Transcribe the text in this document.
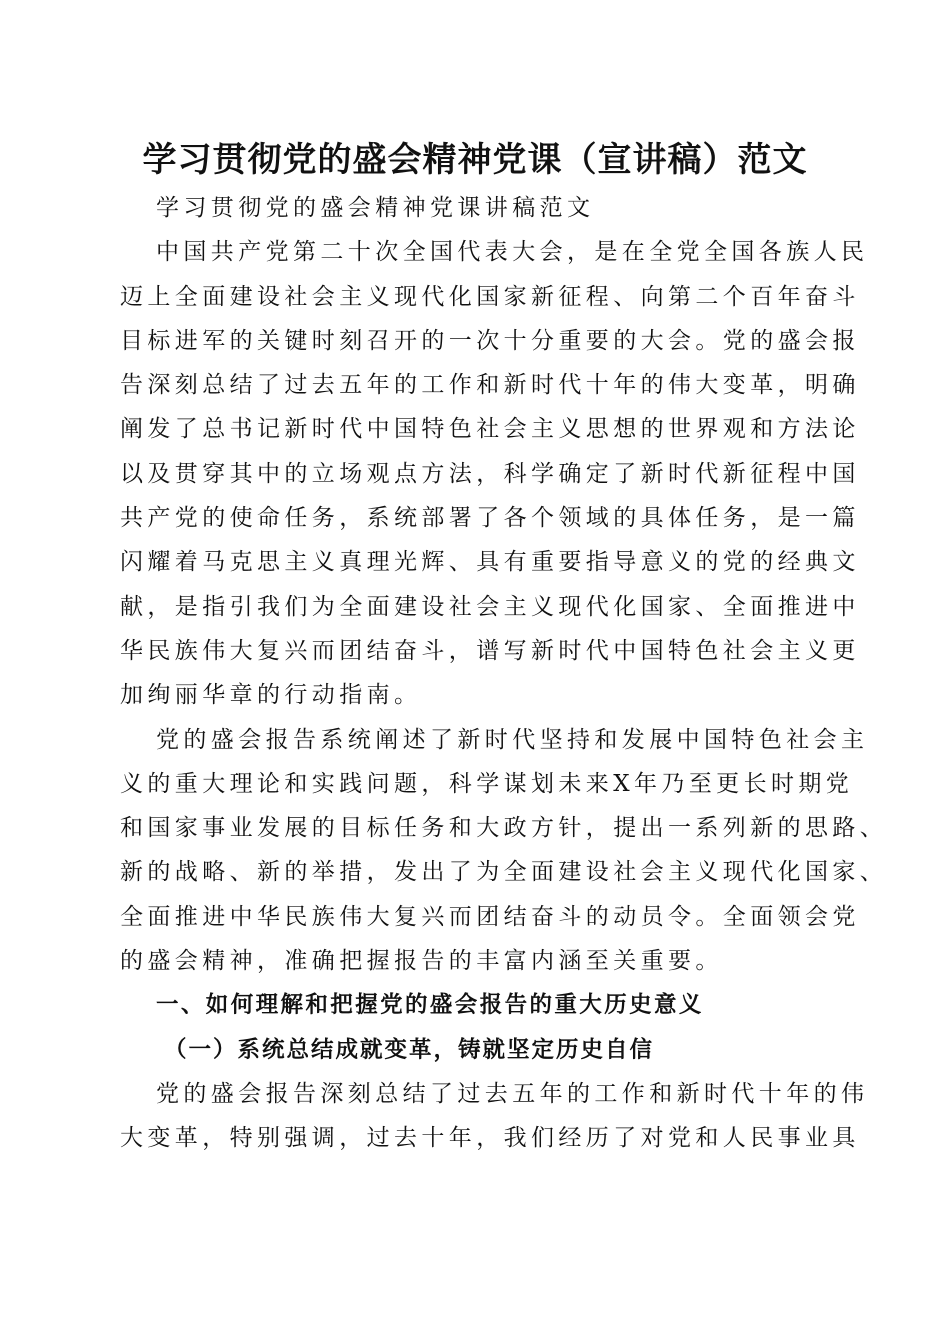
学习贯彻党的盛会精神党课（宣讲稿）范文
学习贯彻党的盛会精神党课讲稿范文
中国共产党第二十次全国代表大会，是在全党全国各族人民
迈上全面建设社会主义现代化国家新征程、向第二个百年奋斗
目标进军的关键时刻召开的一次十分重要的大会。党的盛会报
告深刻总结了过去五年的工作和新时代十年的伟大变革，明确
阐发了总书记新时代中国特色社会主义思想的世界观和方法论
以及贯穿其中的立场观点方法，科学确定了新时代新征程中国
共产党的使命任务，系统部署了各个领域的具体任务，是一篇
闪耀着马克思主义真理光辉、具有重要指导意义的党的经典文
献，是指引我们为全面建设社会主义现代化国家、全面推进中
华民族伟大复兴而团结奋斗，谱写新时代中国特色社会主义更
加绚丽华章的行动指南。
党的盛会报告系统阐述了新时代坚持和发展中国特色社会主
义的重大理论和实践问题，科学谋划未来X年乃至更长时期党
和国家事业发展的目标任务和大政方针，提出一系列新的思路、
新的战略、新的举措，发出了为全面建设社会主义现代化国家、
全面推进中华民族伟大复兴而团结奋斗的动员令。全面领会党
的盛会精神，准确把握报告的丰富内涵至关重要。
一、如何理解和把握党的盛会报告的重大历史意义
（一）系统总结成就变革，铸就坚定历史自信
党的盛会报告深刻总结了过去五年的工作和新时代十年的伟
大变革，特别强调，过去十年，我们经历了对党和人民事业具
